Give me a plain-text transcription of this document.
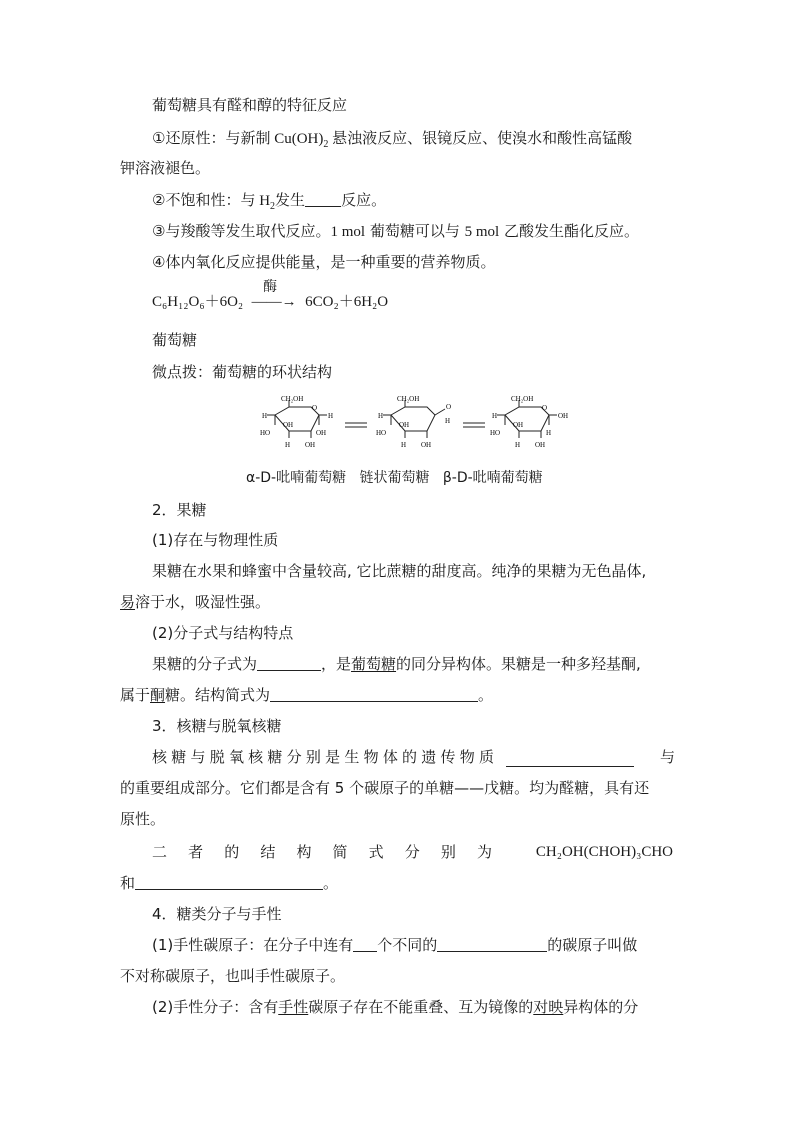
葡萄糖具有醛和醇的特征反应
①还原性：与新制 $Cu(OH)_2$ 悬浊液反应、银镜反应、使溴水和酸性高锰酸
钾溶液褪色。
②不饱和性：与 $H_2$发生 反应。
③与羧酸等发生取代反应。1 mol 葡萄糖可以与 5 mol 乙酸发生酯化反应。
④体内氧化反应提供能量，是一种重要的营养物质。
C₆H₁₂O₆＋6O₂
酶
——→ 6CO₂＋6H₂O
葡萄糖
微点拨：葡萄糖的环状结构
CH₂OH
O
H	H
HO
OH
OH
H OH
CH₂OH
O
H
H
HO
OH
H OH
CH₂OH
O
H	OH
HO
OH
H
H OH
α-D-吡喃葡萄糖 链状葡萄糖 β-D-吡喃葡萄糖
2．果糖
(1)存在与物理性质
果糖在水果和蜂蜜中含量较高, 它比蔗糖的甜度高。纯净的果糖为无色晶体,
易溶于水，吸湿性强。
(2)分子式与结构特点
果糖的分子式为	，是葡萄糖的同分异构体。果糖是一种多羟基酮,
属于酮糖。结构简式为	。
3．核糖与脱氧核糖
核 糖 与 脱 氧 核 糖 分 别 是 生 物 体 的 遗 传 物 质	与
的重要组成部分。它们都是含有 5 个碳原子的单糖——戊糖。均为醛糖，具有还
原性。
二 者 的 结 构 简 式 分 别 为	CH₂OH(CHOH)₃CHO
和	。
4．糖类分子与手性
(1)手性碳原子：在分子中连有 个不同的	的碳原子叫做
不对称碳原子，也叫手性碳原子。
(2)手性分子：含有手性碳原子存在不能重叠、互为镜像的对映异构体的分
